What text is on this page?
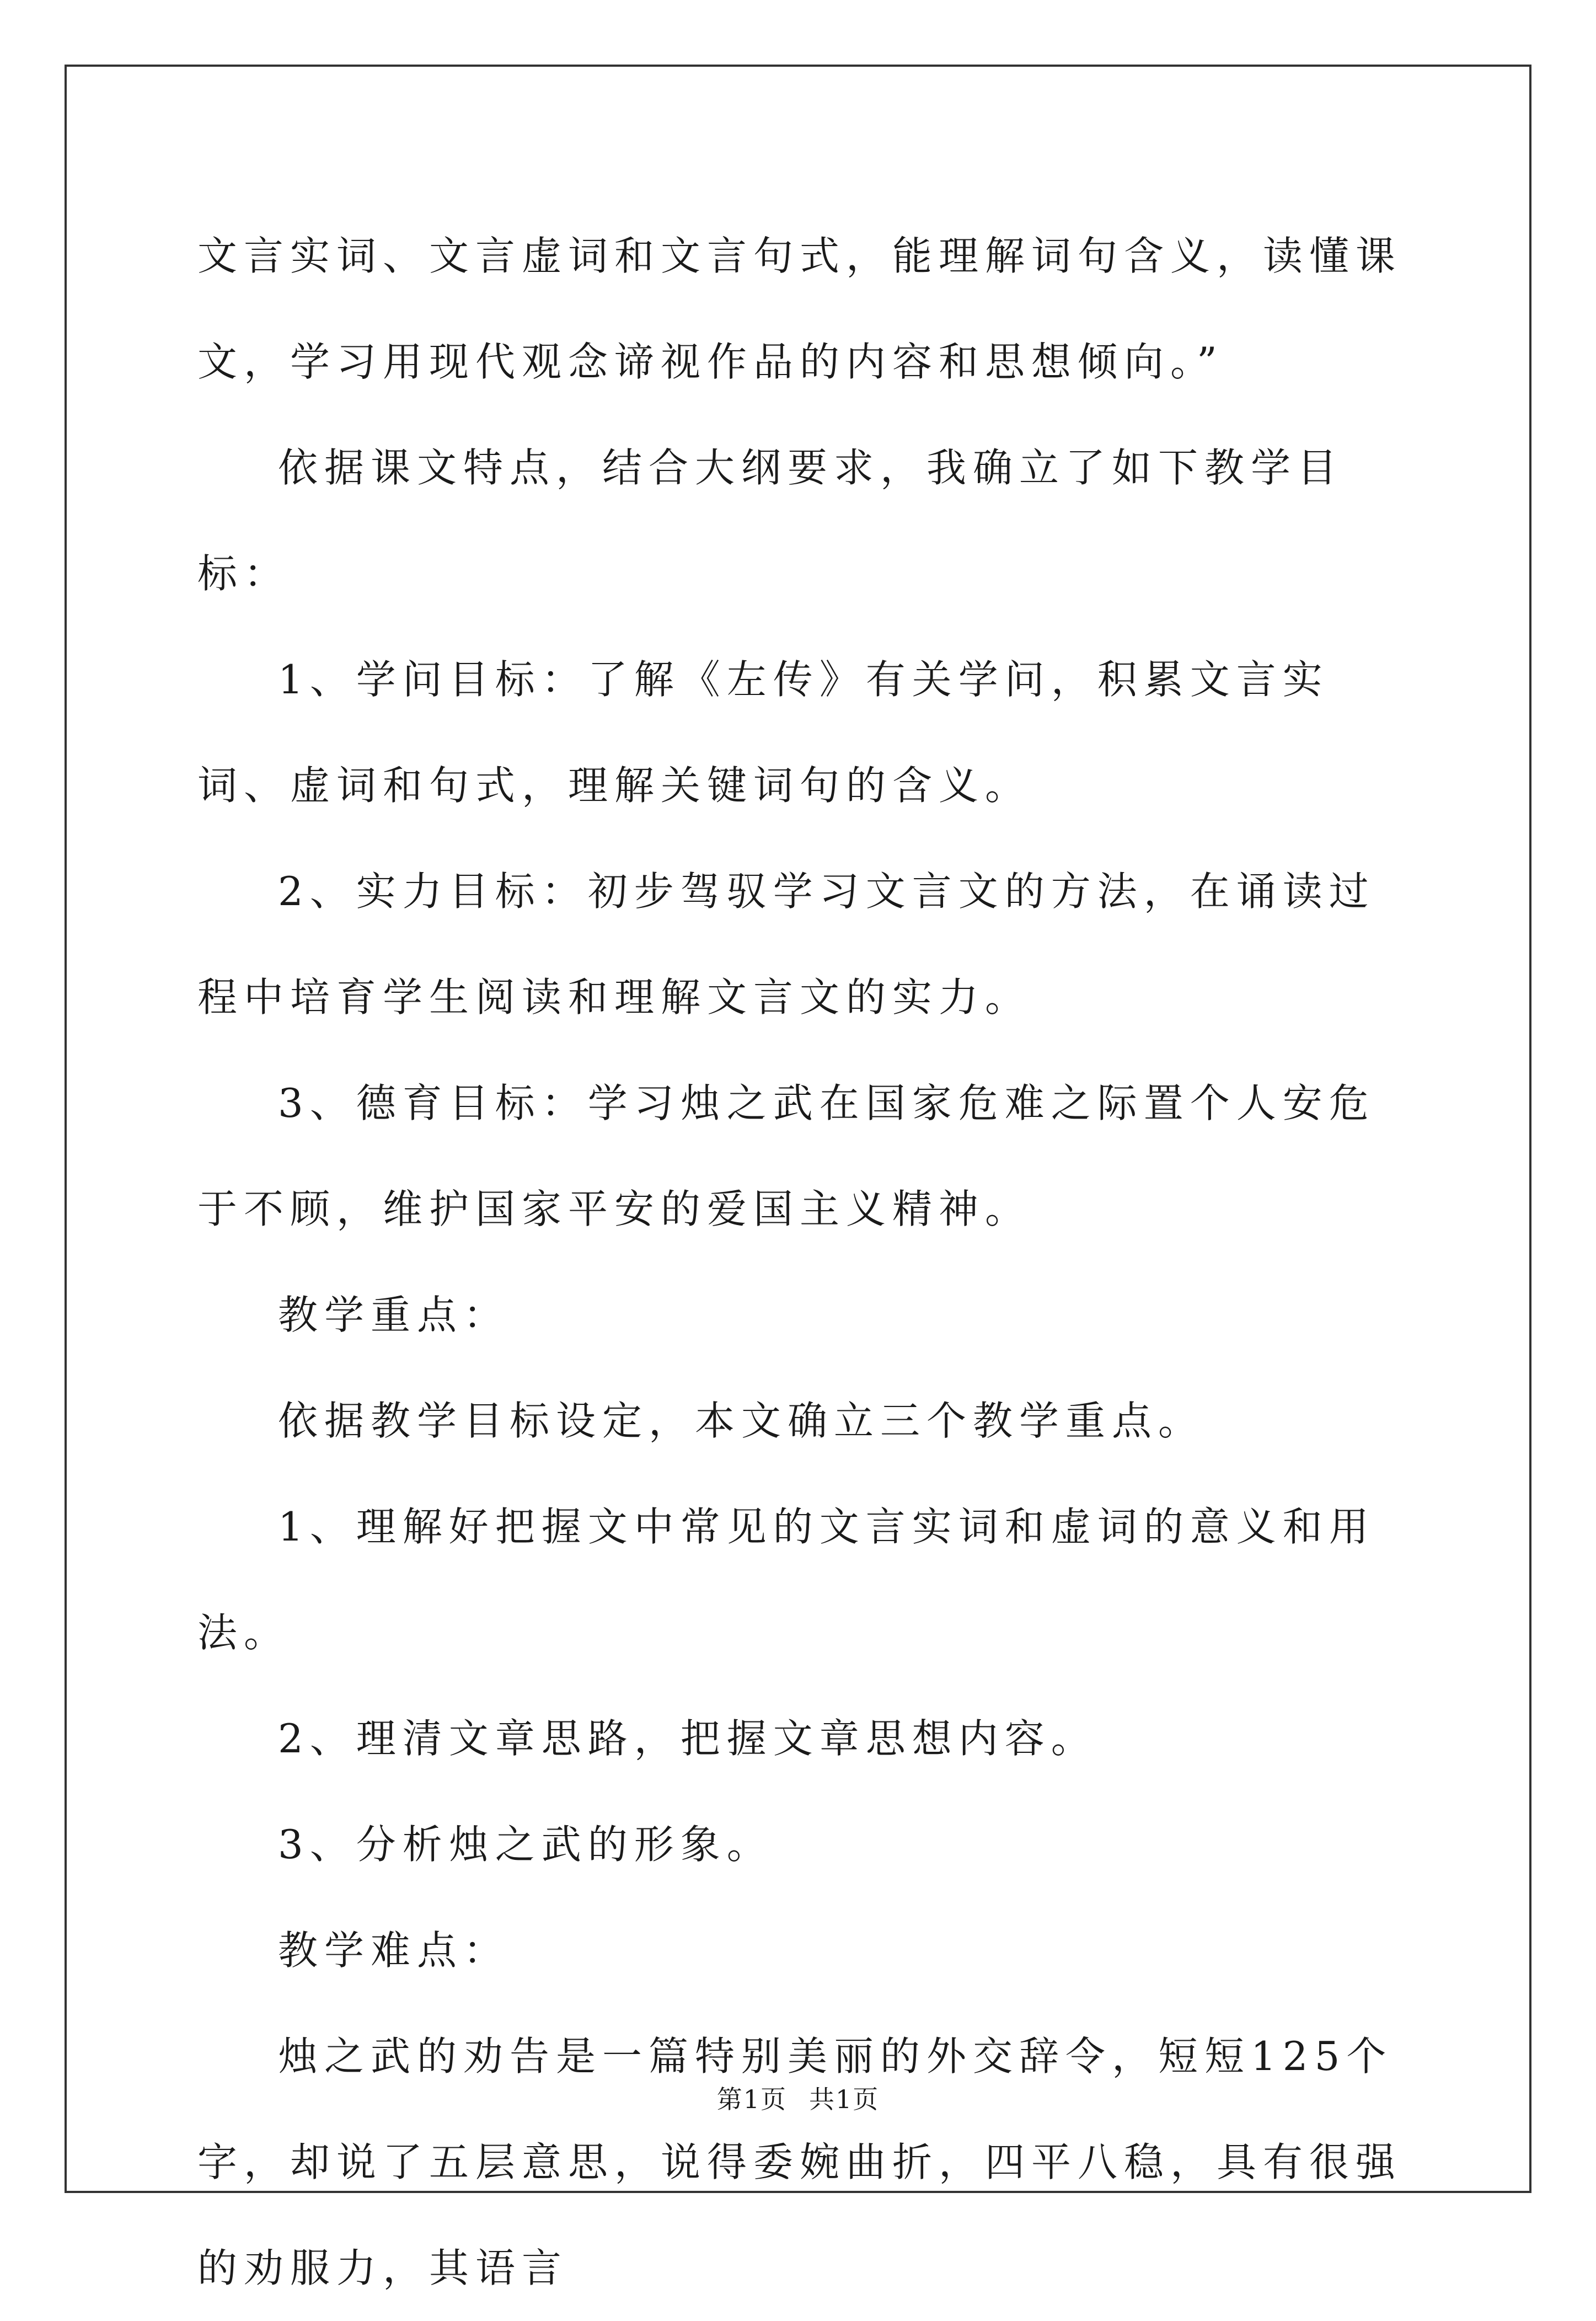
文言实词、文言虚词和文言句式，能理解词句含义，读懂课文，学习用现代观念谛视作品的内容和思想倾向。”

依据课文特点，结合大纲要求，我确立了如下教学目标：

1、学问目标：了解《左传》有关学问，积累文言实词、虚词和句式，理解关键词句的含义。

2、实力目标：初步驾驭学习文言文的方法，在诵读过程中培育学生阅读和理解文言文的实力。

3、德育目标：学习烛之武在国家危难之际置个人安危于不顾，维护国家平安的爱国主义精神。

教学重点：

依据教学目标设定，本文确立三个教学重点。

1、理解好把握文中常见的文言实词和虚词的意义和用法。

2、理清文章思路，把握文章思想内容。

3、分析烛之武的形象。

教学难点：

烛之武的劝告是一篇特别美丽的外交辞令，短短125个字，却说了五层意思，说得委婉曲折，四平八稳，具有很强的劝服力，其语言

第1页 共1页
